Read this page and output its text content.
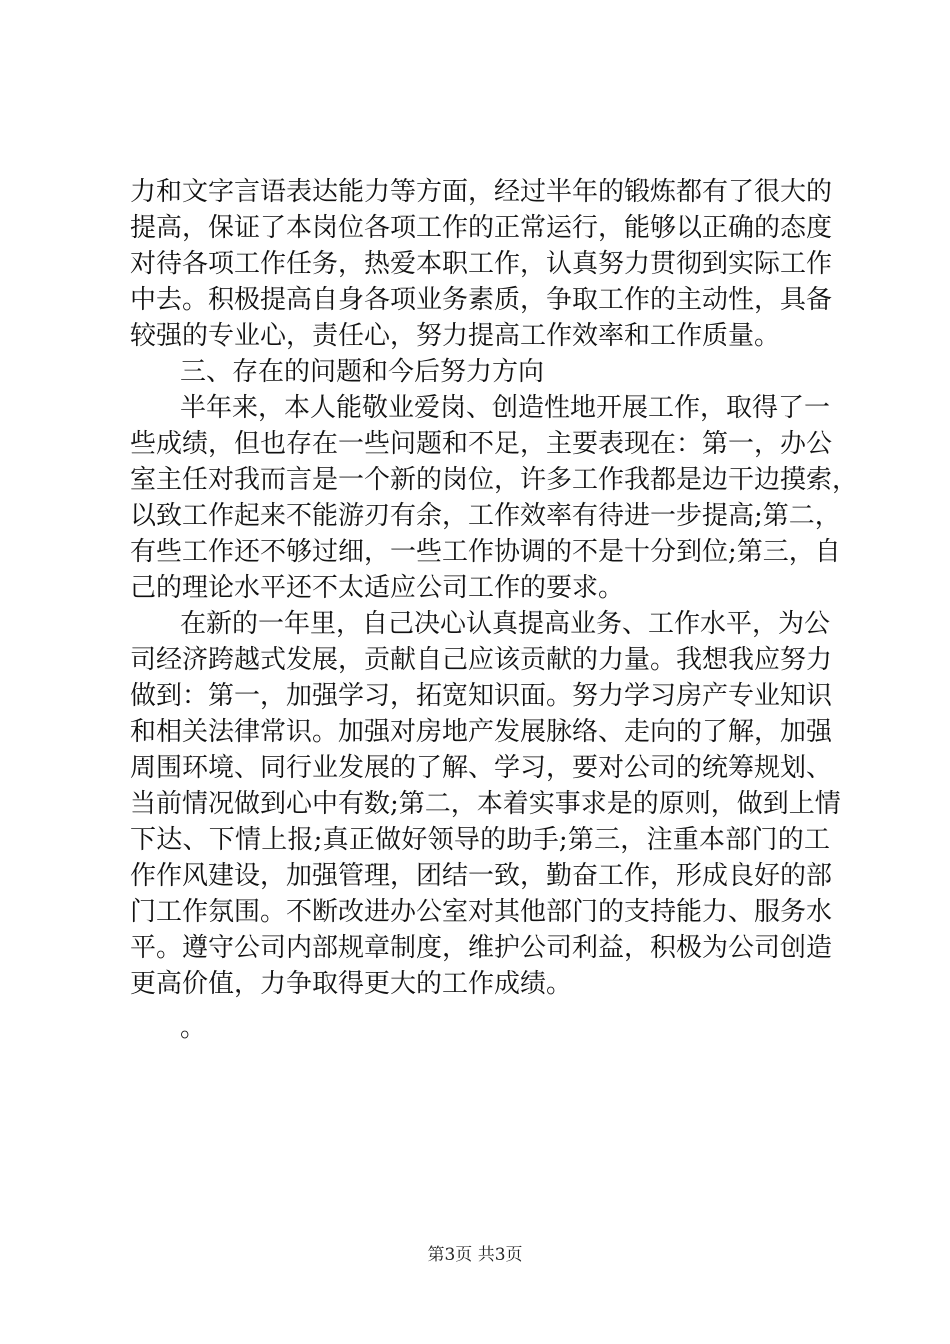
力和文字言语表达能力等方面，经过半年的锻炼都有了很大的
提高，保证了本岗位各项工作的正常运行，能够以正确的态度
对待各项工作任务，热爱本职工作，认真努力贯彻到实际工作
中去。积极提高自身各项业务素质，争取工作的主动性，具备
较强的专业心，责任心，努力提高工作效率和工作质量。
三、存在的问题和今后努力方向
半年来，本人能敬业爱岗、创造性地开展工作，取得了一
些成绩，但也存在一些问题和不足，主要表现在：第一，办公
室主任对我而言是一个新的岗位，许多工作我都是边干边摸索，
以致工作起来不能游刃有余，工作效率有待进一步提高;第二，
有些工作还不够过细，一些工作协调的不是十分到位;第三，自
己的理论水平还不太适应公司工作的要求。
在新的一年里，自己决心认真提高业务、工作水平，为公
司经济跨越式发展，贡献自己应该贡献的力量。我想我应努力
做到：第一，加强学习，拓宽知识面。努力学习房产专业知识
和相关法律常识。加强对房地产发展脉络、走向的了解，加强
周围环境、同行业发展的了解、学习，要对公司的统筹规划、
当前情况做到心中有数;第二，本着实事求是的原则，做到上情
下达、下情上报;真正做好领导的助手;第三，注重本部门的工
作作风建设，加强管理，团结一致，勤奋工作，形成良好的部
门工作氛围。不断改进办公室对其他部门的支持能力、服务水
平。遵守公司内部规章制度，维护公司利益，积极为公司创造
更高价值，力争取得更大的工作成绩。
。
第3页 共3页
